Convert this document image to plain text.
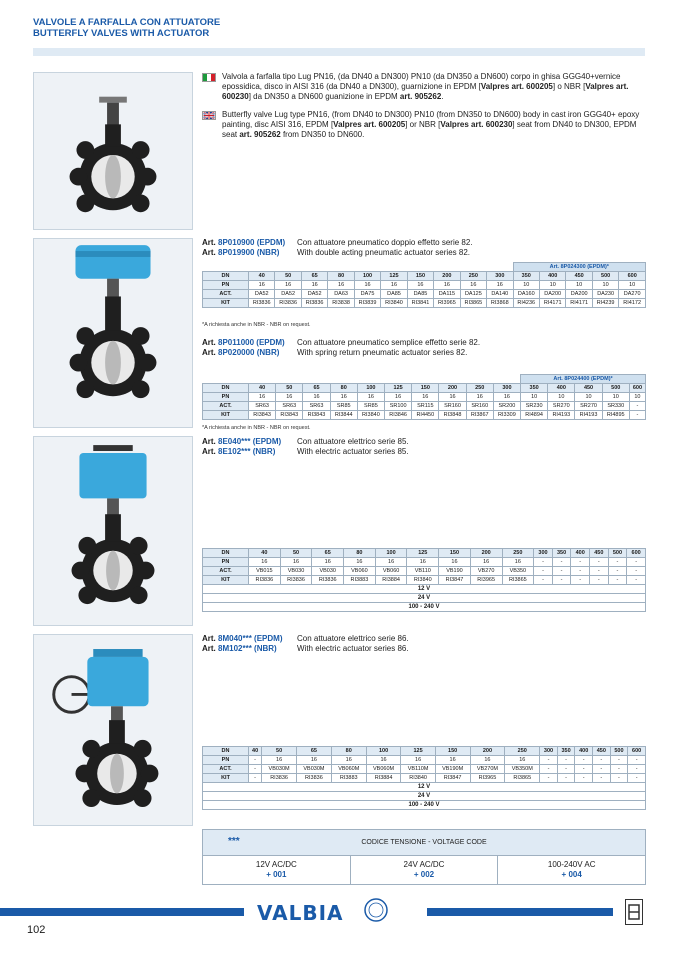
VALVOLE A FARFALLA CON ATTUATORE
BUTTERFLY VALVES WITH ACTUATOR
Valvola a farfalla tipo Lug PN16, (da DN40 a DN300) PN10 (da DN350 a DN600) corpo in ghisa GGG40+vernice epossidica, disco in AISI 316 (da DN40 a DN300), guarnizione in EPDM [Valpres art. 600205] o NBR [Valpres art. 600230] da DN350 a DN600 guanizione in EPDM art. 905262.
Butterfly valve Lug type PN16, (from DN40 to DN300) PN10 (from DN350 to DN600) body in cast iron GGG40+ epoxy painting, disc AISI 316, EPDM [Valpres art. 600205] or NBR [Valpres art. 600230] seat from DN40 to DN300, EPDM seat art. 905262 from DN350 to DN600.
Art. 8P010900 (EPDM) Con attuatore pneumatico doppio effetto serie 82.
Art. 8P019900 (NBR) With double acting pneumatic actuator series 82.
											Art. 8P024300 (EPDM)*				
DN	40	50	65	80	100	125	150	200	250	300	350	400	450	500	600
PN	16	16	16	16	16	16	16	16	16	16	10	10	10	10	10
ACT.	DA52	DA52	DA52	DA63	DA75	DA85	DA85	DA115	DA125	DA140	DA160	DA200	DA200	DA230	DA270
KIT	RI3836	RI3836	RI3836	RI3838	RI3839	RI3840	RI3841	RI3965	RI3865	RI3868	RI4236	RI4171	RI4171	RI4239	RI4172
*A richiesta anche in NBR - NBR on request.
Art. 8P011000 (EPDM) Con attuatore pneumatico semplice effetto serie 82.
Art. 8P020000 (NBR) With spring return pneumatic actuator series 82.
											Art. 8P024400 (EPDM)*				
DN	40	50	65	80	100	125	150	200	250	300	350	400	450	500	600
PN	16	16	16	16	16	16	16	16	16	16	10	10	10	10	10
ACT.	SR63	SR63	SR63	SR85	SR85	SR100	SR115	SR160	SR160	SR200	SR230	SR270	SR270	SR330	-
KIT	RI3843	RI3843	RI3843	RI3844	RI3840	RI3846	RI4450	RI3848	RI3867	RI3309	RI4894	RI4193	RI4193	RI4895	-
*A richiesta anche in NBR - NBR on request.
Art. 8E040*** (EPDM) Con attuatore elettrico serie 85.
Art. 8E102*** (NBR)	With electric actuator series 85.
DN	40	50	65	80	100	125	150	200	250	300	350	400	450	500	600
PN	16	16	16	16	16	16	16	16	16	-	-	-	-	-	-
ACT.	VB015	VB030	VB030	VB060	VB060	VB110	VB190	VB270	VB350	-	-	-	-	-	-
KIT	RI3836	RI3836	RI3836	RI3883	RI3884	RI3840	RI3847	RI3965	RI3865	-	-	-	-	-	-
12 V															
24 V															
100 - 240 V															
Art. 8M040*** (EPDM) Con attuatore elettrico serie 86.
Art. 8M102*** (NBR)	With electric actuator series 86.
DN	40	50	65	80	100	125	150	200	250	300	350	400	450	500	600
PN	-	16	16	16	16	16	16	16	16	-	-	-	-	-	-
ACT.	-	VB030M	VB030M	VB060M	VB060M	VB110M	VB190M	VB270M	VB350M	-	-	-	-	-	-
KIT	-	RI3836	RI3836	RI3883	RI3884	RI3840	RI3847	RI3965	RI3865	-	-	-	-	-	-
12 V															
24 V															
100 - 240 V															
***	CODICE TENSIONE - VOLTAGE CODE
12V AC/DC
+ 001
24V AC/DC
+ 002
100-240V AC
+ 004
VALBIA
102
